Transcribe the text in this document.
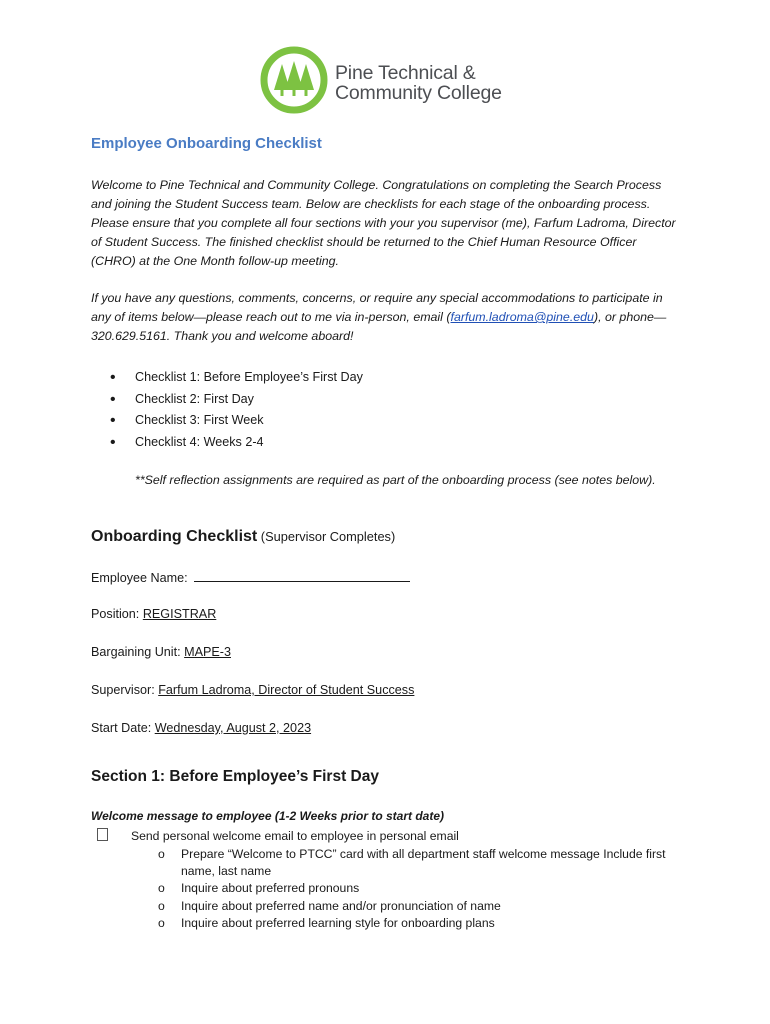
Pine Technical &
Community College
Employee Onboarding Checklist

Welcome to Pine Technical and Community College. Congratulations on completing the Search Process and joining the Student Success team. Below are checklists for each stage of the onboarding process. Please ensure that you complete all four sections with your you supervisor (me), Farfum Ladroma, Director of Student Success. The finished checklist should be returned to the Chief Human Resource Officer (CHRO) at the One Month follow-up meeting.

If you have any questions, comments, concerns, or require any special accommodations to participate in any of items below—please reach out to me via in-person, email (farfum.ladroma@pine.edu), or phone—320.629.5161. Thank you and welcome aboard!

• Checklist 1: Before Employee’s First Day
• Checklist 2: First Day
• Checklist 3: First Week
• Checklist 4: Weeks 2-4

**Self reflection assignments are required as part of the onboarding process (see notes below).

Onboarding Checklist (Supervisor Completes)
Employee Name:
Position: REGISTRAR
Bargaining Unit: MAPE-3
Supervisor: Farfum Ladroma, Director of Student Success
Start Date: Wednesday, August 2, 2023
Section 1: Before Employee’s First Day
Welcome message to employee (1-2 Weeks prior to start date)
Send personal welcome email to employee in personal email
o Prepare “Welcome to PTCC” card with all department staff welcome message Include first name, last name
o Inquire about preferred pronouns
o Inquire about preferred name and/or pronunciation of name
o Inquire about preferred learning style for onboarding plans
